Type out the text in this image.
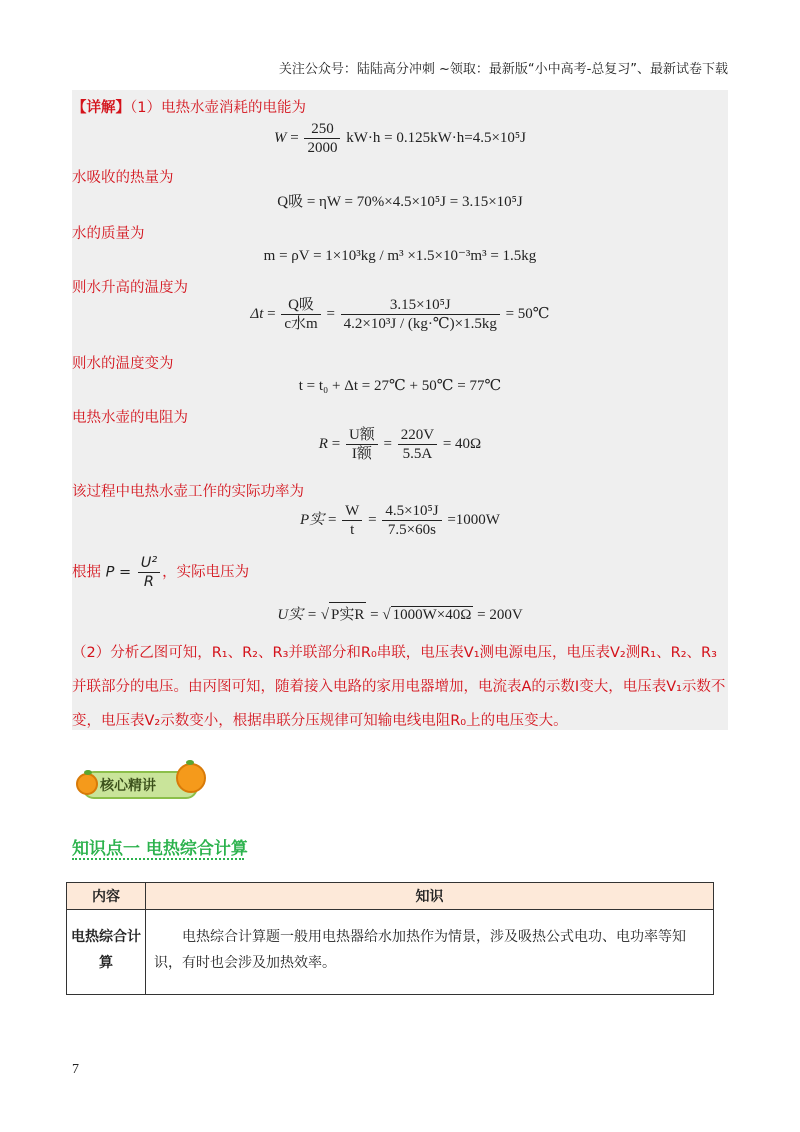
关注公众号：陆陆高分冲刺 ~领取：最新版“小中高考-总复习”、最新试卷下载
【详解】（1）电热水壶消耗的电能为
$W = \frac{250}{2000} kW\cdot h = 0.125kW\cdot h=4.5\times 10^5J$
水吸收的热量为
Q吸 = ηW = 70%×4.5×10⁵J = 3.15×10⁵J
水的质量为
m = ρV = 1×10³kg / m³ ×1.5×10⁻³m³ = 1.5kg
则水升高的温度为
$\Delta t = \frac{\text{Q吸}}{\text{c水m}} = \frac{\text{3.15×10⁵J}}{\text{4.2×10³J / (kg·℃)×1.5kg}}$ = 50℃
则水的温度变为
t = t₀ + Δt = 27℃ + 50℃ = 77℃
电热水壶的电阻为
$R = \frac{\text{U额}}{\text{I额}} = \frac{220V}{5.5A} = 40\Omega$
该过程中电热水壶工作的实际功率为
P实 = $\frac{W}{t} = \frac{\text{4.5×10⁵J}}{7.5\times 60s} =1000W$
根据 $P = \frac{\text{U²}}{R}$ ，实际电压为
U实 = √ P实R = √ 1000W×40Ω = 200V
（2）分析乙图可知，R₁、R₂、R₃并联部分和R₀串联，电压表V₁测电源电压，电压表V₂测R₁、R₂、R₃并联部分的电压。由丙图可知，随着接入电路的家用电器增加，电流表A的示数I变大，电压表V₁示数不变，电压表V₂示数变小，根据串联分压规律可知输电线电阻R₀上的电压变大。
核心精讲
知识点一 电热综合计算
内容	知识
电热综合计算	电热综合计算题一般用电热器给水加热作为情景，涉及吸热公式电功、电功率等知识，有时也会涉及加热效率。
7
